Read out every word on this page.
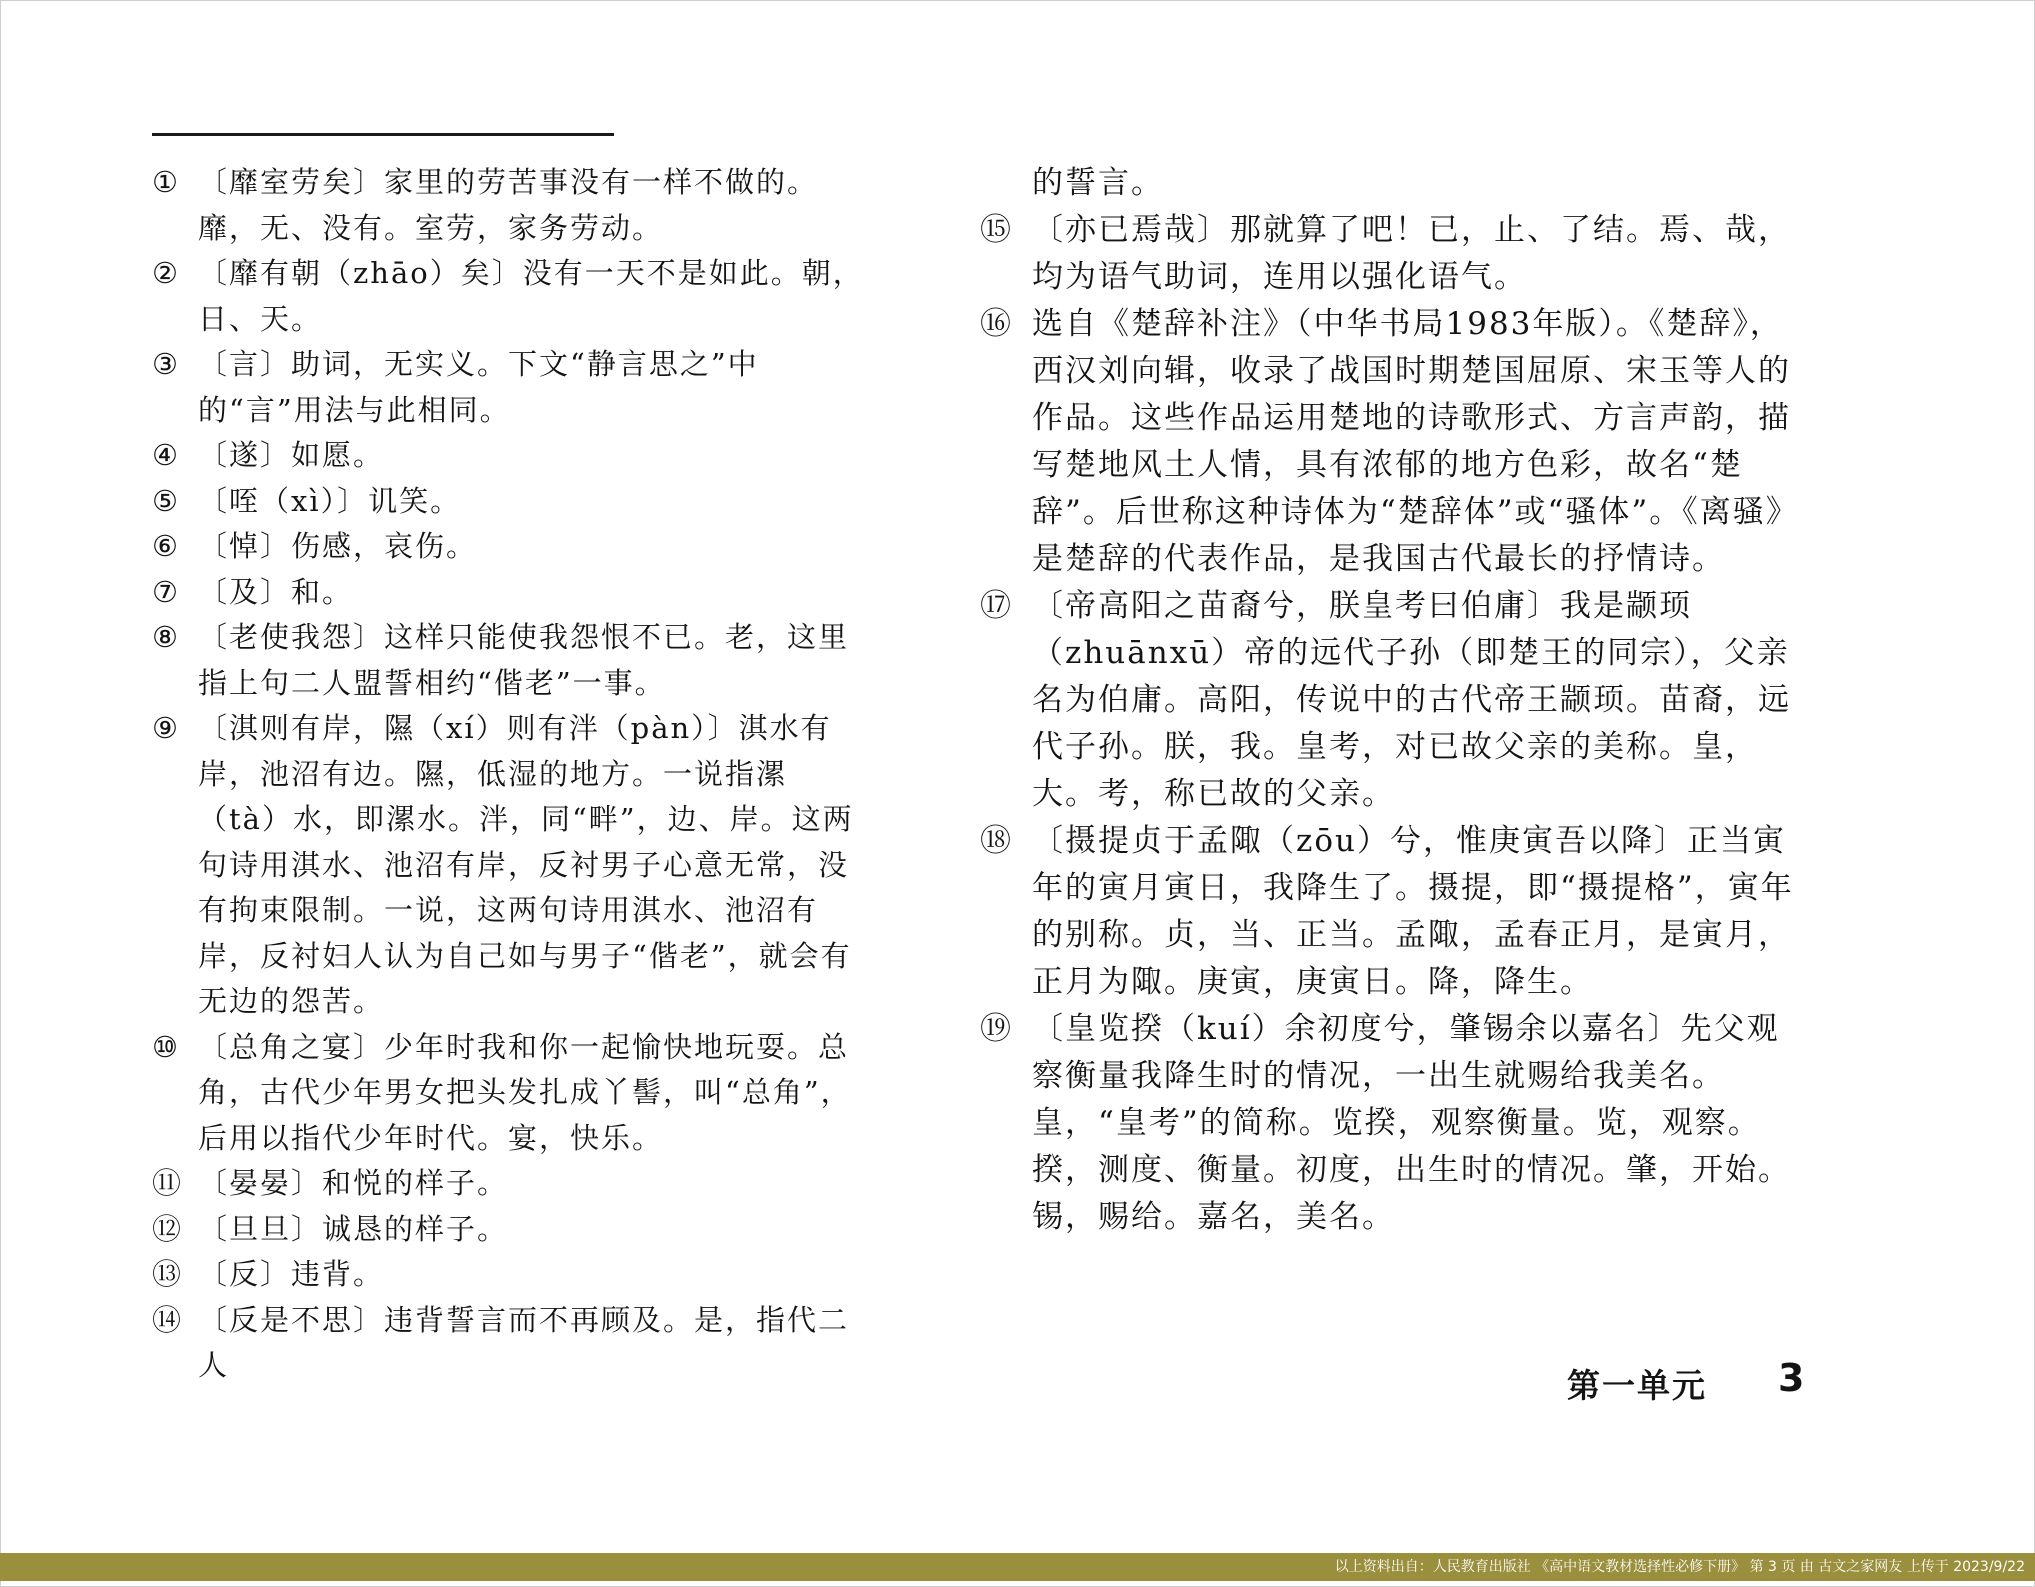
① 〔靡室劳矣〕家里的劳苦事没有一样不做的。靡，无、没有。室劳，家务劳动。

② 〔靡有朝（zhāo）矣〕没有一天不是如此。朝，日、天。

③ 〔言〕助词，无实义。下文“静言思之”中的“言”用法与此相同。

④ 〔遂〕如愿。

⑤ 〔咥（xì）〕讥笑。

⑥ 〔悼〕伤感，哀伤。

⑦ 〔及〕和。

⑧ 〔老使我怨〕这样只能使我怨恨不已。老，这里指上句二人盟誓相约“偕老”一事。

⑨ 〔淇则有岸，隰（xí）则有泮（pàn）〕淇水有岸，池沼有边。隰，低湿的地方。一说指漯（tà）水，即漯水。泮，同“畔”，边、岸。这两句诗用淇水、池沼有岸，反衬男子心意无常，没有拘束限制。一说，这两句诗用淇水、池沼有岸，反衬妇人认为自己如与男子“偕老”，就会有无边的怨苦。

⑩ 〔总角之宴〕少年时我和你一起愉快地玩耍。总角，古代少年男女把头发扎成丫髻，叫“总角”，后用以指代少年时代。宴，快乐。

⑪ 〔晏晏〕和悦的样子。

⑫ 〔旦旦〕诚恳的样子。

⑬ 〔反〕违背。

⑭ 〔反是不思〕违背誓言而不再顾及。是，指代二人

的誓言。

⑮ 〔亦已焉哉〕那就算了吧！已，止、了结。焉、哉，均为语气助词，连用以强化语气。

⑯ 选自《楚辞补注》（中华书局1983年版）。《楚辞》，西汉刘向辑，收录了战国时期楚国屈原、宋玉等人的作品。这些作品运用楚地的诗歌形式、方言声韵，描写楚地风土人情，具有浓郁的地方色彩，故名“楚辞”。后世称这种诗体为“楚辞体”或“骚体”。《离骚》是楚辞的代表作品，是我国古代最长的抒情诗。

⑰ 〔帝高阳之苗裔兮，朕皇考曰伯庸〕我是颛顼（zhuānxū）帝的远代子孙（即楚王的同宗），父亲名为伯庸。高阳，传说中的古代帝王颛顼。苗裔，远代子孙。朕，我。皇考，对已故父亲的美称。皇，大。考，称已故的父亲。

⑱ 〔摄提贞于孟陬（zōu）兮，惟庚寅吾以降〕正当寅年的寅月寅日，我降生了。摄提，即“摄提格”，寅年的别称。贞，当、正当。孟陬，孟春正月，是寅月，正月为陬。庚寅，庚寅日。降，降生。

⑲ 〔皇览揆（kuí）余初度兮，肇锡余以嘉名〕先父观察衡量我降生时的情况，一出生就赐给我美名。皇，“皇考”的简称。览揆，观察衡量。览，观察。揆，测度、衡量。初度，出生时的情况。肇，开始。锡，赐给。嘉名，美名。

第一单元 3
以上资料出自：人民教育出版社 《高中语文教材选择性必修下册》 第 3 页 由 古文之家网友 上传于 2023/9/22
